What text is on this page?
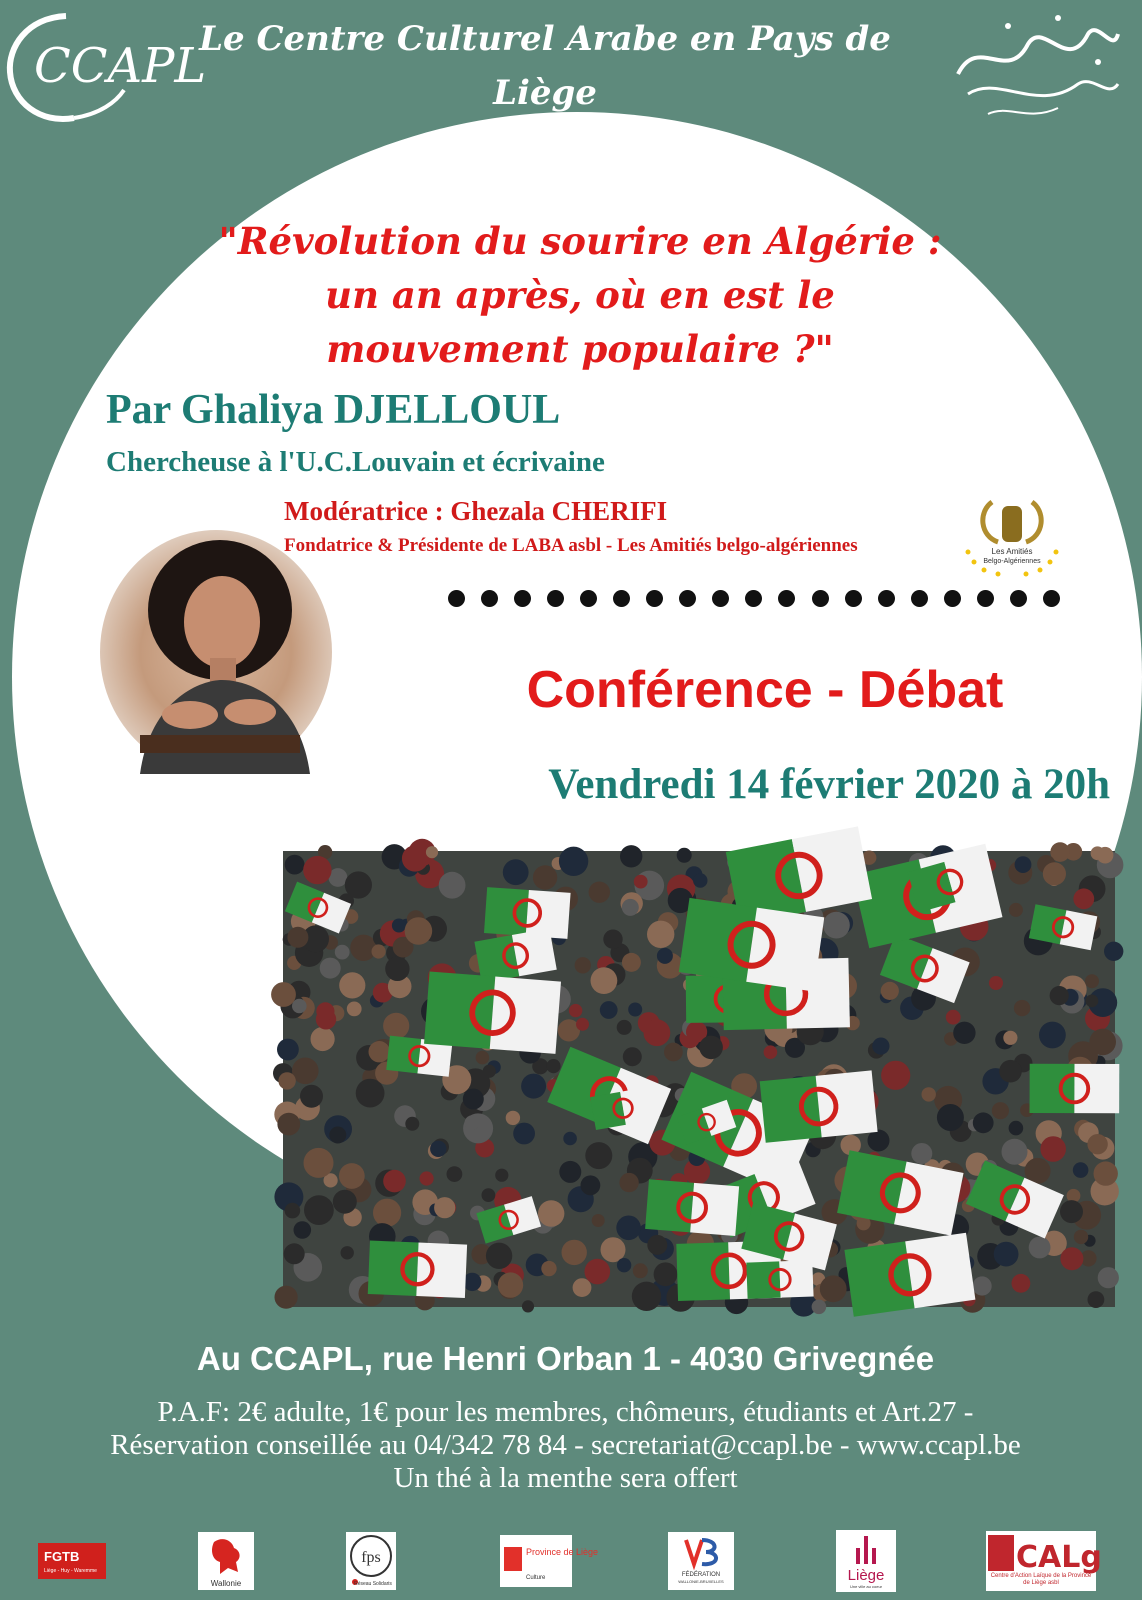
CCAPL
Le Centre Culturel Arabe en Pays de Liège
asbl présente :
"Révolution du sourire en Algérie :
un an après, où en est le
mouvement populaire ?"
Par Ghaliya DJELLOUL
Chercheuse à l'U.C.Louvain et écrivaine
Modératrice : Ghezala CHERIFI
Fondatrice & Présidente de LABA asbl - Les Amitiés belgo-algériennes	Les Amitiés
Belgo-Algériennes
Conférence - Débat
Vendredi 14 février 2020 à 20h
Au CCAPL, rue Henri Orban 1 - 4030 Grivegnée
P.A.F: 2€ adulte, 1€ pour les membres, chômeurs, étudiants et Art.27 -
Réservation conseillée au 04/342 78 84 - secretariat@ccapl.be - www.ccapl.be
Un thé à la menthe sera offert
FGTB
Liège - Huy - Waremme
Wallonie
fps
Réseau Solidaris
Province de Liège
Culture	FÉDÉRATION
WALLONIE-BRUXELLES	Liège
Une ville au coeur
CALg
Centre d'Action Laïque de la Province de Liège asbl
